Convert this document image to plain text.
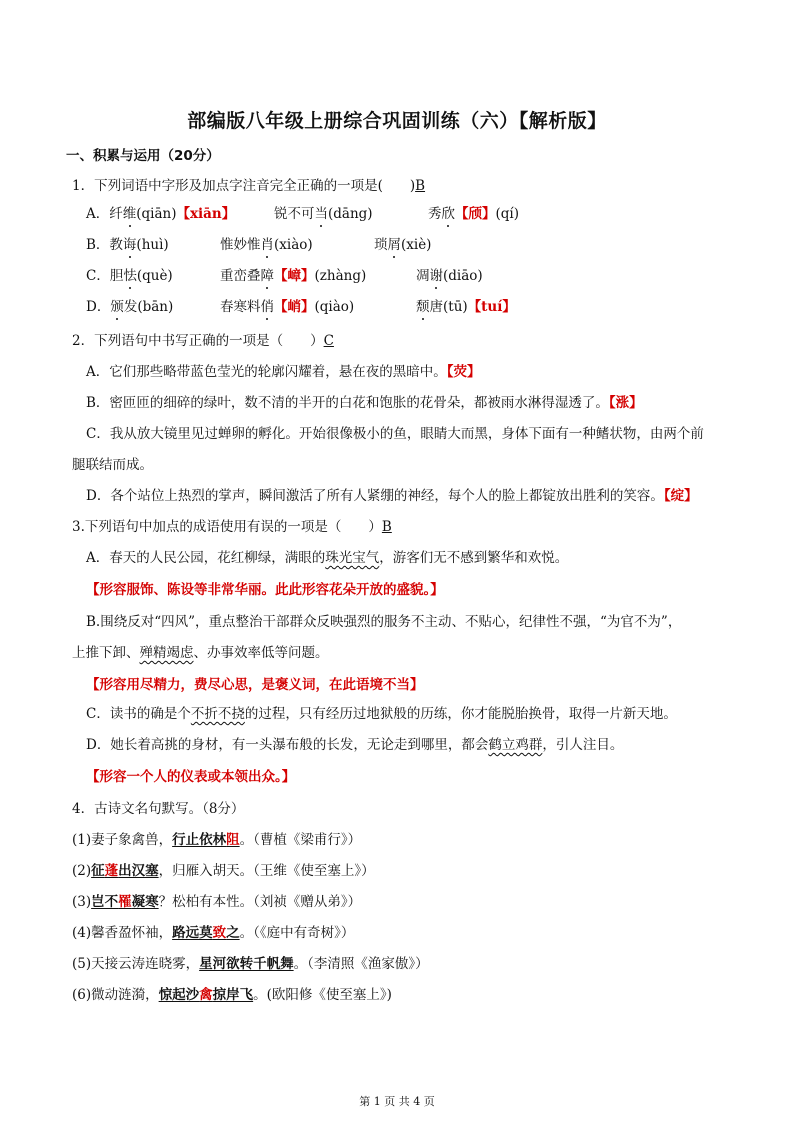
部编版八年级上册综合巩固训练（六）【解析版】
一、积累与运用（20分）
1．下列词语中字形及加点字注音完全正确的一项是(　　)B
A．纤维(qiān)【xiān】	锐不可当(dāng)	秀欣【颀】(qí)
B．教诲(huì)	惟妙惟肖(xiào)	琐屑(xiè)
C．胆怯(què)	重峦叠障【嶂】(zhàng)	凋谢(diāo)
D．颁发(bān)	春寒料俏【峭】(qiào)	颓唐(tū)【tuí】
2．下列语句中书写正确的一项是（　　）C
A．它们那些略带蓝色莹光的轮廓闪耀着，悬在夜的黑暗中。【荧】
B．密匝匝的细碎的绿叶，数不清的半开的白花和饱胀的花骨朵，都被雨水淋得湿透了。【涨】
C．我从放大镜里见过蝉卵的孵化。开始很像极小的鱼，眼睛大而黑，身体下面有一种鳍状物，由两个前
腿联结而成。
D．各个站位上热烈的掌声，瞬间激活了所有人紧绷的神经，每个人的脸上都锭放出胜利的笑容。【绽】
3.下列语句中加点的成语使用有误的一项是（　　）B
A．春天的人民公园，花红柳绿，满眼的珠光宝气，游客们无不感到繁华和欢悦。
【形容服饰、陈设等非常华丽。此此形容花朵开放的盛貌。】
B.围绕反对“四风”，重点整治干部群众反映强烈的服务不主动、不贴心，纪律性不强，“为官不为”，
上推下卸、殚精竭虑、办事效率低等问题。
【形容用尽精力，费尽心思，是褒义词，在此语境不当】
C．读书的确是个不折不挠的过程，只有经历过地狱般的历练，你才能脱胎换骨，取得一片新天地。
D．她长着高挑的身材，有一头瀑布般的长发，无论走到哪里，都会鹤立鸡群，引人注目。
【形容一个人的仪表或本领出众。】
4．古诗文名句默写。（8分）
(1)妻子象禽兽，行止依林阻。（曹植《梁甫行》）
(2)征蓬出汉塞，归雁入胡天。（王维《使至塞上》）
(3)岂不罹凝寒？松柏有本性。（刘祯《赠从弟》）
(4)馨香盈怀袖，路远莫致之。（《庭中有奇树》）
(5)天接云涛连晓雾，星河欲转千帆舞。（李清照《渔家傲》）
(6)微动涟漪，惊起沙禽掠岸飞。(欧阳修《使至塞上》)
第 1 页 共 4 页
